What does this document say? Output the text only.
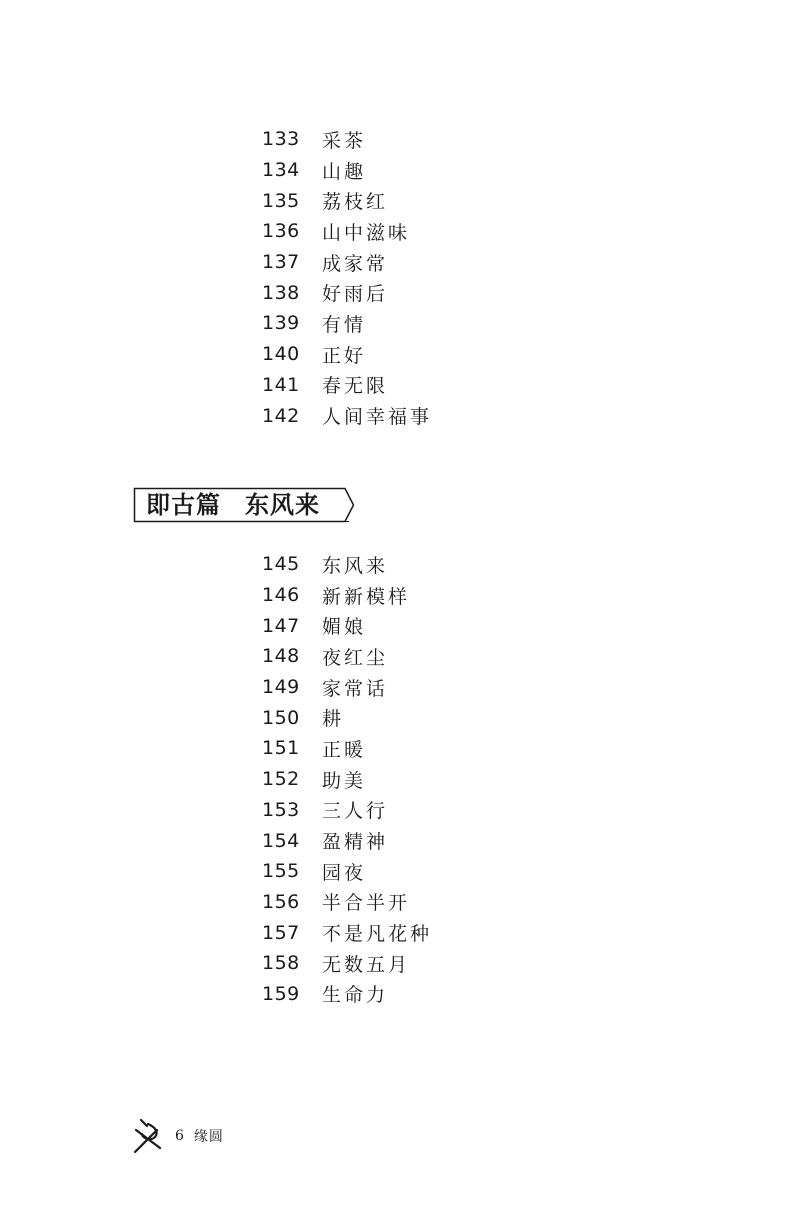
133	采茶
134	山趣
135	荔枝红
136	山中滋味
137	成家常
138	好雨后
139	有情
140	正好
141	春无限
142	人间幸福事
即古篇 东风来
145	东风来
146	新新模样
147	媚娘
148	夜红尘
149	家常话
150	耕
151	正暖
152	助美
153	三人行
154	盈精神
155	园夜
156	半合半开
157	不是凡花种
158	无数五月
159	生命力
6 缘圆
